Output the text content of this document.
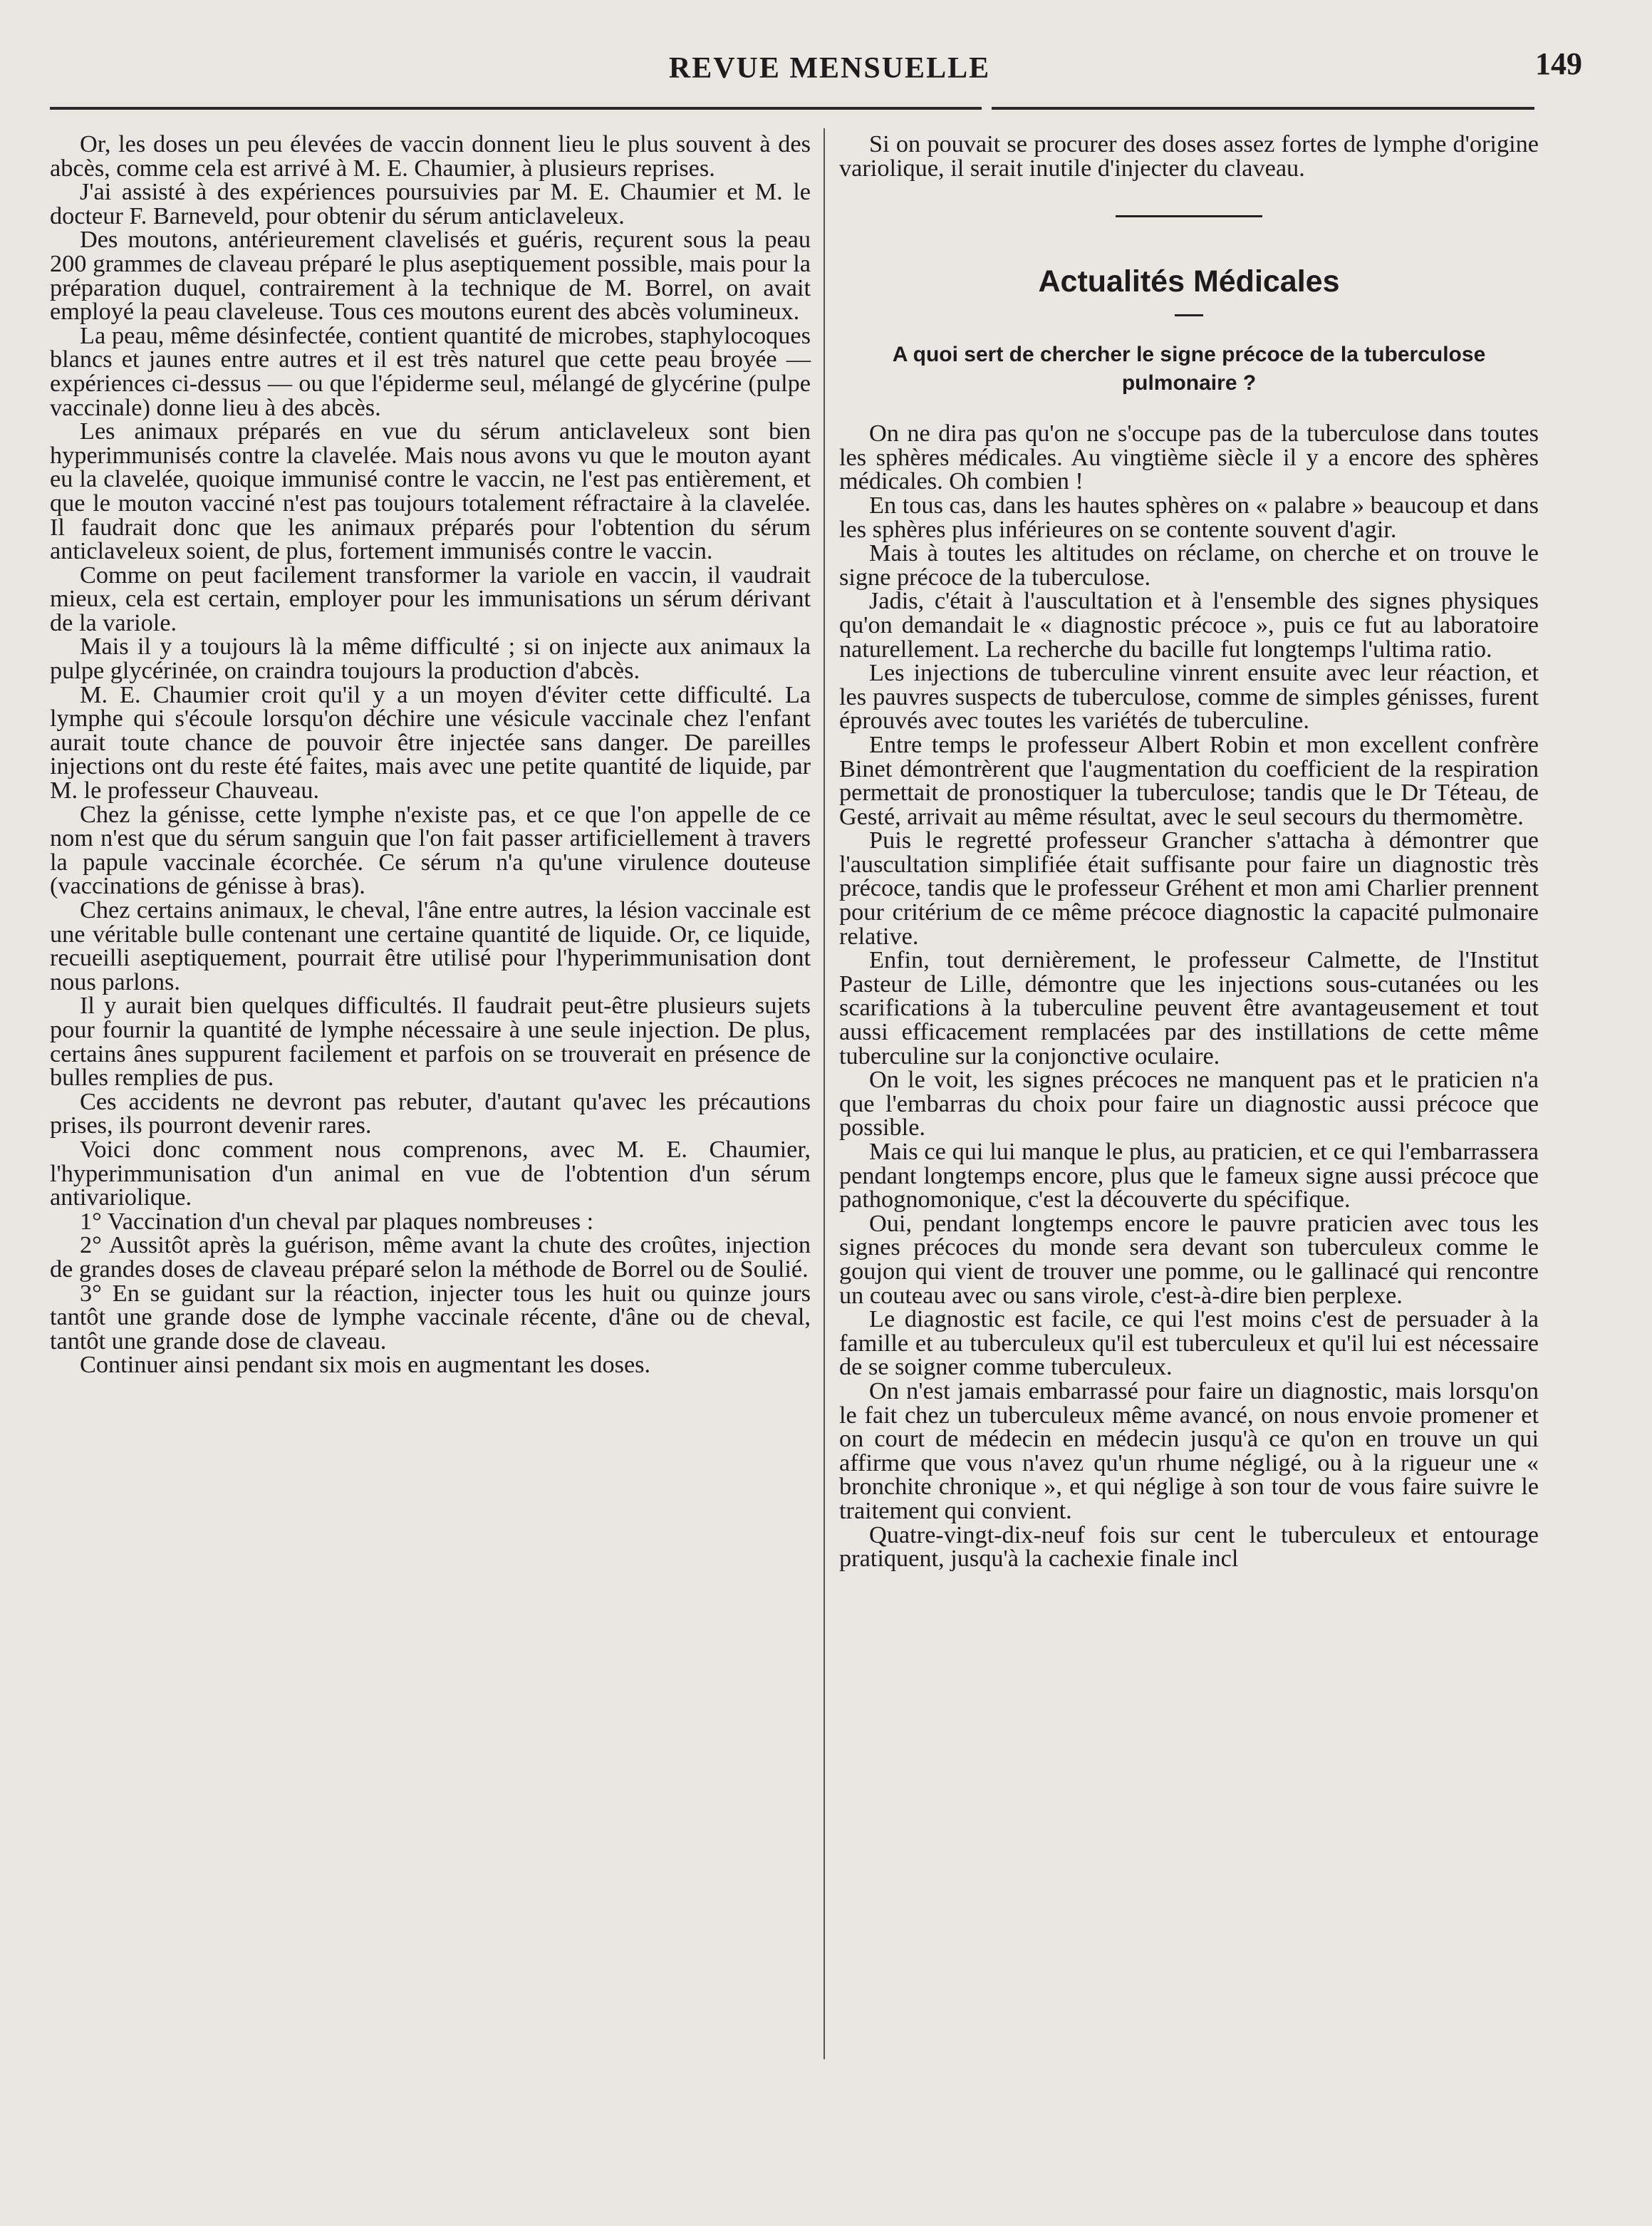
REVUE MENSUELLE	149

Or, les doses un peu élevées de vaccin donnent lieu le plus souvent à des abcès, comme cela est arrivé à M. E. Chaumier, à plusieurs reprises.

J'ai assisté à des expériences poursuivies par M. E. Chaumier et M. le docteur F. Barneveld, pour obtenir du sérum anticlaveleux.

Des moutons, antérieurement clavelisés et guéris, reçurent sous la peau 200 grammes de claveau préparé le plus aseptiquement possible, mais pour la préparation duquel, contrairement à la technique de M. Borrel, on avait employé la peau claveleuse. Tous ces moutons eurent des abcès volumineux.

La peau, même désinfectée, contient quantité de microbes, staphylocoques blancs et jaunes entre autres et il est très naturel que cette peau broyée — expériences ci-dessus — ou que l'épiderme seul, mélangé de glycérine (pulpe vaccinale) donne lieu à des abcès.

Les animaux préparés en vue du sérum anticlaveleux sont bien hyperimmunisés contre la clavelée. Mais nous avons vu que le mouton ayant eu la clavelée, quoique immunisé contre le vaccin, ne l'est pas entièrement, et que le mouton vacciné n'est pas toujours totalement réfractaire à la clavelée. Il faudrait donc que les animaux préparés pour l'obtention du sérum anticlaveleux soient, de plus, fortement immunisés contre le vaccin.

Comme on peut facilement transformer la variole en vaccin, il vaudrait mieux, cela est certain, employer pour les immunisations un sérum dérivant de la variole.

Mais il y a toujours là la même difficulté ; si on injecte aux animaux la pulpe glycérinée, on craindra toujours la production d'abcès.

M. E. Chaumier croit qu'il y a un moyen d'éviter cette difficulté. La lymphe qui s'écoule lorsqu'on déchire une vésicule vaccinale chez l'enfant aurait toute chance de pouvoir être injectée sans danger. De pareilles injections ont du reste été faites, mais avec une petite quantité de liquide, par M. le professeur Chauveau.

Chez la génisse, cette lymphe n'existe pas, et ce que l'on appelle de ce nom n'est que du sérum sanguin que l'on fait passer artificiellement à travers la papule vaccinale écorchée. Ce sérum n'a qu'une virulence douteuse (vaccinations de génisse à bras).

Chez certains animaux, le cheval, l'âne entre autres, la lésion vaccinale est une véritable bulle contenant une certaine quantité de liquide. Or, ce liquide, recueilli aseptiquement, pourrait être utilisé pour l'hyperimmunisation dont nous parlons.

Il y aurait bien quelques difficultés. Il faudrait peut-être plusieurs sujets pour fournir la quantité de lymphe nécessaire à une seule injection. De plus, certains ânes suppurent facilement et parfois on se trouverait en présence de bulles remplies de pus.

Ces accidents ne devront pas rebuter, d'autant qu'avec les précautions prises, ils pourront devenir rares.

Voici donc comment nous comprenons, avec M. E. Chaumier, l'hyperimmunisation d'un animal en vue de l'obtention d'un sérum antivariolique.

1° Vaccination d'un cheval par plaques nombreuses :

2° Aussitôt après la guérison, même avant la chute des croûtes, injection de grandes doses de claveau préparé selon la méthode de Borrel ou de Soulié.

3° En se guidant sur la réaction, injecter tous les huit ou quinze jours tantôt une grande dose de lymphe vaccinale récente, d'âne ou de cheval, tantôt une grande dose de claveau.

Continuer ainsi pendant six mois en augmentant les doses.

Si on pouvait se procurer des doses assez fortes de lymphe d'origine variolique, il serait inutile d'injecter du claveau.

Actualités Médicales
A quoi sert de chercher le signe précoce de la tuberculose pulmonaire ?

On ne dira pas qu'on ne s'occupe pas de la tuberculose dans toutes les sphères médicales. Au vingtième siècle il y a encore des sphères médicales. Oh combien !

En tous cas, dans les hautes sphères on « palabre » beaucoup et dans les sphères plus inférieures on se contente souvent d'agir.

Mais à toutes les altitudes on réclame, on cherche et on trouve le signe précoce de la tuberculose.

Jadis, c'était à l'auscultation et à l'ensemble des signes physiques qu'on demandait le « diagnostic précoce », puis ce fut au laboratoire naturellement. La recherche du bacille fut longtemps l'ultima ratio.

Les injections de tuberculine vinrent ensuite avec leur réaction, et les pauvres suspects de tuberculose, comme de simples génisses, furent éprouvés avec toutes les variétés de tuberculine.

Entre temps le professeur Albert Robin et mon excellent confrère Binet démontrèrent que l'augmentation du coefficient de la respiration permettait de pronostiquer la tuberculose; tandis que le Dr Téteau, de Gesté, arrivait au même résultat, avec le seul secours du thermomètre.

Puis le regretté professeur Grancher s'attacha à démontrer que l'auscultation simplifiée était suffisante pour faire un diagnostic très précoce, tandis que le professeur Gréhent et mon ami Charlier prennent pour critérium de ce même précoce diagnostic la capacité pulmonaire relative.

Enfin, tout dernièrement, le professeur Calmette, de l'Institut Pasteur de Lille, démontre que les injections sous-cutanées ou les scarifications à la tuberculine peuvent être avantageusement et tout aussi efficacement remplacées par des instillations de cette même tuberculine sur la conjonctive oculaire.

On le voit, les signes précoces ne manquent pas et le praticien n'a que l'embarras du choix pour faire un diagnostic aussi précoce que possible.

Mais ce qui lui manque le plus, au praticien, et ce qui l'embarrassera pendant longtemps encore, plus que le fameux signe aussi précoce que pathognomonique, c'est la découverte du spécifique.

Oui, pendant longtemps encore le pauvre praticien avec tous les signes précoces du monde sera devant son tuberculeux comme le goujon qui vient de trouver une pomme, ou le gallinacé qui rencontre un couteau avec ou sans virole, c'est-à-dire bien perplexe.

Le diagnostic est facile, ce qui l'est moins c'est de persuader à la famille et au tuberculeux qu'il est tuberculeux et qu'il lui est nécessaire de se soigner comme tuberculeux.

On n'est jamais embarrassé pour faire un diagnostic, mais lorsqu'on le fait chez un tuberculeux même avancé, on nous envoie promener et on court de médecin en médecin jusqu'à ce qu'on en trouve un qui affirme que vous n'avez qu'un rhume négligé, ou à la rigueur une « bronchite chronique », et qui néglige à son tour de vous faire suivre le traitement qui convient.

Quatre-vingt-dix-neuf fois sur cent le tuberculeux et entourage pratiquent, jusqu'à la cachexie finale incl
